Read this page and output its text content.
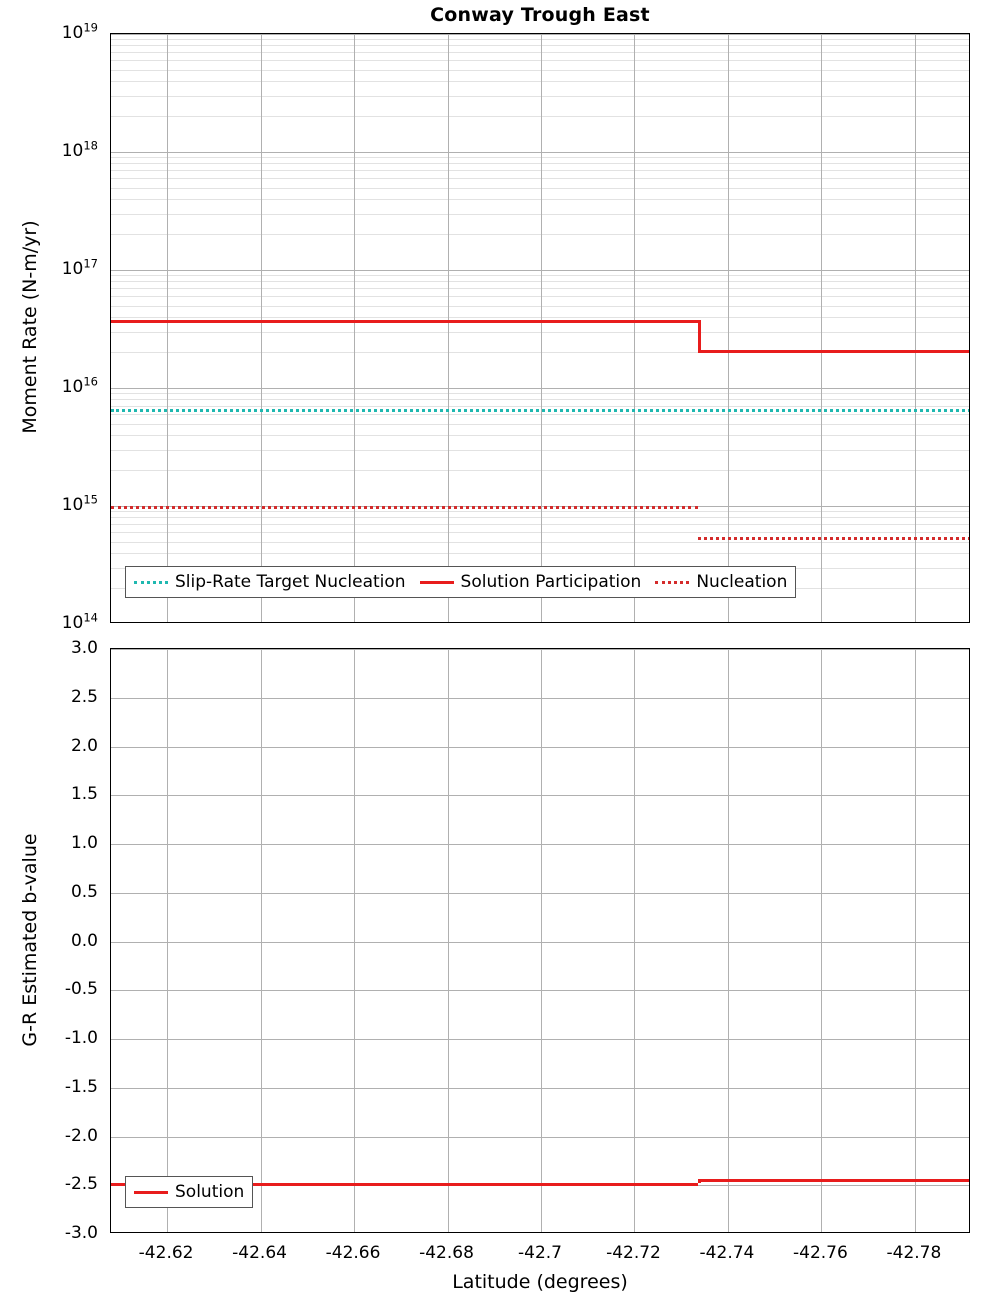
Conway Trough East
Moment Rate (N-m/yr)
G-R Estimated b-value
Latitude (degrees)
Slip-Rate Target Nucleation	Solution Participation	Nucleation
Solution
$10^{19}$
$10^{18}$
$10^{17}$
$10^{16}$
$10^{15}$
$10^{14}$
-3.0
-2.5
-2.0
-1.5
-1.0
-0.5
0.0
0.5
1.0
1.5
2.0
2.5
3.0
-42.62 -42.64 -42.66 -42.68	-42.7	-42.72 -42.74 -42.76 -42.78
